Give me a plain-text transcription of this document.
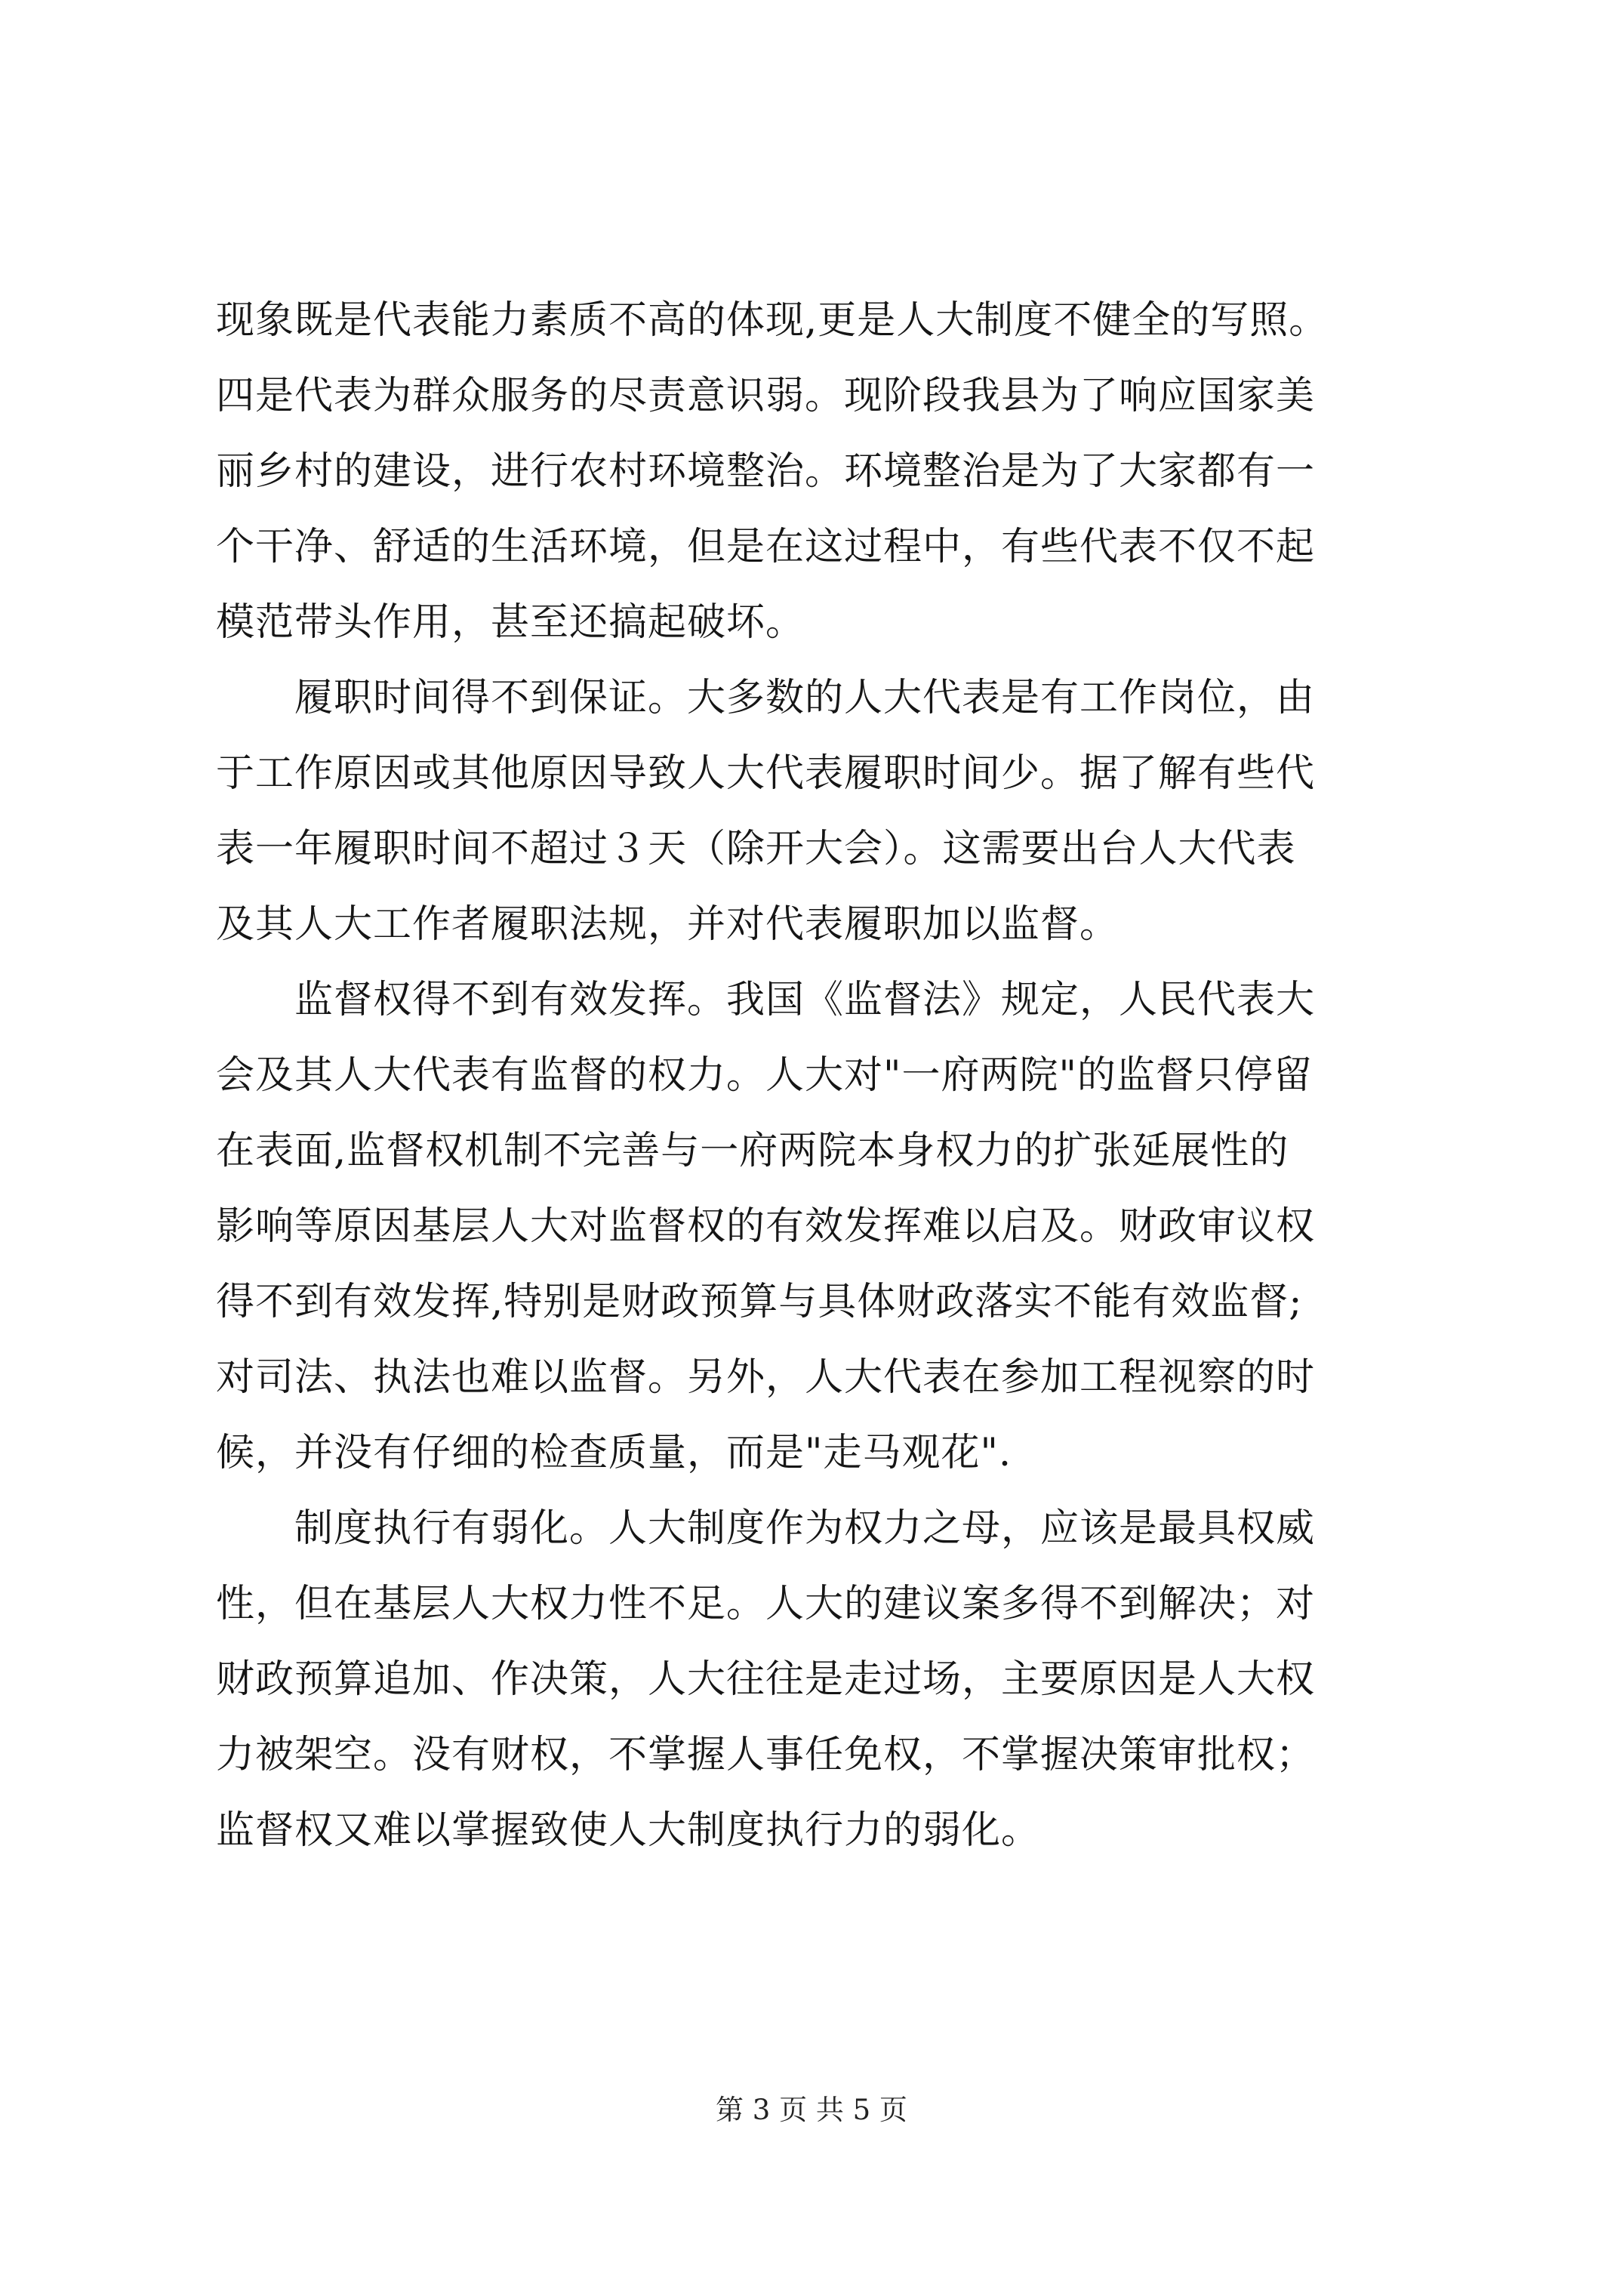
现象既是代表能力素质不高的体现,更是人大制度不健全的写照。
四是代表为群众服务的尽责意识弱。现阶段我县为了响应国家美
丽乡村的建设，进行农村环境整治。环境整治是为了大家都有一
个干净、舒适的生活环境，但是在这过程中，有些代表不仅不起
模范带头作用，甚至还搞起破坏。
　　履职时间得不到保证。大多数的人大代表是有工作岗位，由
于工作原因或其他原因导致人大代表履职时间少。据了解有些代
表一年履职时间不超过３天（除开大会）。这需要出台人大代表
及其人大工作者履职法规，并对代表履职加以监督。
　　监督权得不到有效发挥。我国《监督法》规定，人民代表大
会及其人大代表有监督的权力。人大对"一府两院"的监督只停留
在表面,监督权机制不完善与一府两院本身权力的扩张延展性的
影响等原因基层人大对监督权的有效发挥难以启及。财政审议权
得不到有效发挥,特别是财政预算与具体财政落实不能有效监督;
对司法、执法也难以监督。另外，人大代表在参加工程视察的时
候，并没有仔细的检查质量，而是"走马观花".
　　制度执行有弱化。人大制度作为权力之母，应该是最具权威
性，但在基层人大权力性不足。人大的建议案多得不到解决；对
财政预算追加、作决策，人大往往是走过场，主要原因是人大权
力被架空。没有财权，不掌握人事任免权，不掌握决策审批权；
监督权又难以掌握致使人大制度执行力的弱化。
第 3 页 共 5 页
